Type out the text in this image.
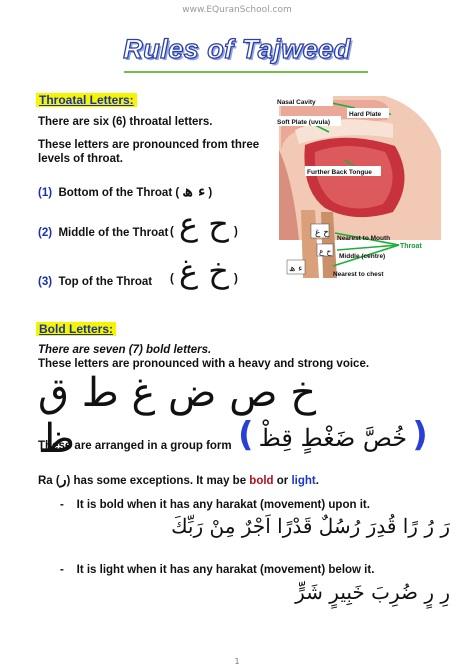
www.EQuranSchool.com
Rules of Tajweed
Throatal Letters:
There are six (6) throatal letters.
These letters are pronounced from three levels of throat.
(1) Bottom of the Throat ( ء ھ )
(2) Middle of the Throat ( ح ع )
(3) Top of the Throat ( خ غ )
خ غ
ح ع
ء ھ
Nasal Cavity
Hard Plate
Soft Plate (uvula)
Further Back Tongue
Nearest to Mouth
Throat
Middle (centre)
Nearest to chest
Bold Letters:
There are seven (7) bold letters.
These letters are pronounced with a heavy and strong voice.
خ ص ض غ ط ق ظ
These are arranged in a group form ( خُصَّ ضَغْطٍ قِظْ )
Ra (ر) has some exceptions. It may be bold or light.
- It is bold when it has any harakat (movement) upon it.
رَ رُ رًا قُدِرَ رُسُلٌ قَدْرًا اَجْرٌ مِنْ رَبِّكَ
- It is light when it has any harakat (movement) below it.
رِ رٍ ضُرِبَ خَبِيرٍ شَرٍّ
1
